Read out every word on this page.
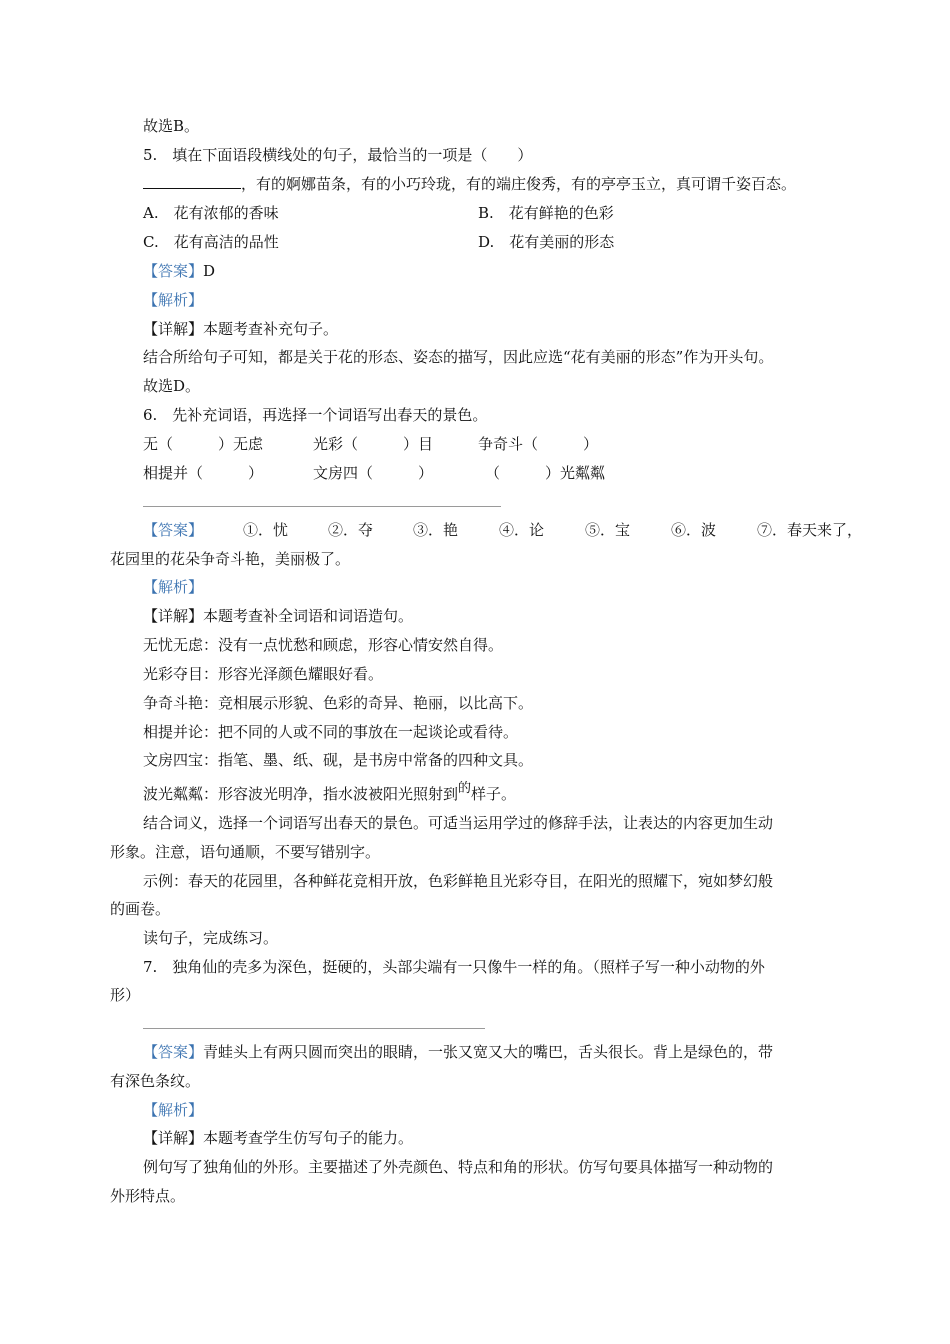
故选B。
5.　填在下面语段横线处的句子，最恰当的一项是（　　）
，有的婀娜苗条，有的小巧玲珑，有的端庄俊秀，有的亭亭玉立，真可谓千姿百态。
A.　花有浓郁的香味	B.　花有鲜艳的色彩
C.　花有高洁的品性	D.　花有美丽的形态
【答案】D
【解析】
【详解】本题考查补充句子。
结合所给句子可知，都是关于花的形态、姿态的描写，因此应选“花有美丽的形态”作为开头句。
故选D。
6.　先补充词语，再选择一个词语写出春天的景色。
无（　　　）无虑	光彩（　　　）目	争奇斗（　　　）
相提并（　　　）	文房四（　　　）	（　　　）光粼粼
【答案】	①．忧	②．夺	③．艳	④．论	⑤．宝	⑥．波	⑦．春天来了，
花园里的花朵争奇斗艳，美丽极了。
【解析】
【详解】本题考查补全词语和词语造句。
无忧无虑：没有一点忧愁和顾虑，形容心情安然自得。
光彩夺目：形容光泽颜色耀眼好看。
争奇斗艳：竞相展示形貌、色彩的奇异、艳丽，以比高下。
相提并论：把不同的人或不同的事放在一起谈论或看待。
文房四宝：指笔、墨、纸、砚，是书房中常备的四种文具。
波光粼粼：形容波光明净，指水波被阳光照射到的样子。
结合词义，选择一个词语写出春天的景色。可适当运用学过的修辞手法，让表达的内容更加生动
形象。注意，语句通顺，不要写错别字。
示例：春天的花园里，各种鲜花竞相开放，色彩鲜艳且光彩夺目，在阳光的照耀下，宛如梦幻般
的画卷。
读句子，完成练习。
7.　独角仙的壳多为深色，挺硬的，头部尖端有一只像牛一样的角。（照样子写一种小动物的外
形）
【答案】青蛙头上有两只圆而突出的眼睛，一张又宽又大的嘴巴，舌头很长。背上是绿色的，带
有深色条纹。
【解析】
【详解】本题考查学生仿写句子的能力。
例句写了独角仙的外形。主要描述了外壳颜色、特点和角的形状。仿写句要具体描写一种动物的
外形特点。
